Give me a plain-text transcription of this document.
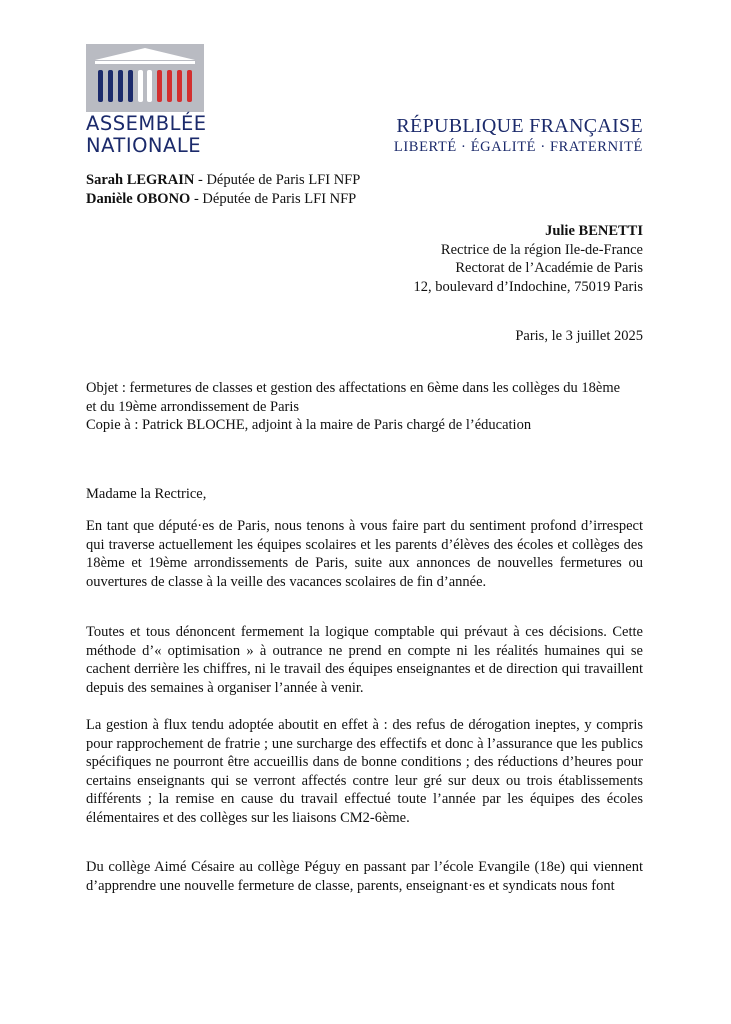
ASSEMBLÉE
NATIONALE
RÉPUBLIQUE FRANÇAISE
LIBERTÉ · ÉGALITÉ · FRATERNITÉ
Sarah LEGRAIN - Députée de Paris LFI NFP
Danièle OBONO - Députée de Paris LFI NFP
Julie BENETTI
Rectrice de la région Ile-de-France
Rectorat de l’Académie de Paris
12, boulevard d’Indochine, 75019 Paris
Paris, le 3 juillet 2025
Objet : fermetures de classes et gestion des affectations en 6ème dans les collèges du 18ème
et du 19ème arrondissement de Paris
Copie à : Patrick BLOCHE, adjoint à la maire de Paris chargé de l’éducation
Madame la Rectrice,
En tant que député·es de Paris, nous tenons à vous faire part du sentiment profond d’irrespect qui traverse actuellement les équipes scolaires et les parents d’élèves des écoles et collèges des 18ème et 19ème arrondissements de Paris, suite aux annonces de nouvelles fermetures ou ouvertures de classe à la veille des vacances scolaires de fin d’année.
Toutes et tous dénoncent fermement la logique comptable qui prévaut à ces décisions. Cette méthode d’« optimisation » à outrance ne prend en compte ni les réalités humaines qui se cachent derrière les chiffres, ni le travail des équipes enseignantes et de direction qui travaillent depuis des semaines à organiser l’année à venir.
La gestion à flux tendu adoptée aboutit en effet à : des refus de dérogation ineptes, y compris pour rapprochement de fratrie ; une surcharge des effectifs et donc à l’assurance que les publics spécifiques ne pourront être accueillis dans de bonne conditions ; des réductions d’heures pour certains enseignants qui se verront affectés contre leur gré sur deux ou trois établissements différents ; la remise en cause du travail effectué toute l’année par les équipes des écoles élémentaires et des collèges sur les liaisons CM2-6ème.
Du collège Aimé Césaire au collège Péguy en passant par l’école Evangile (18e) qui viennent d’apprendre une nouvelle fermeture de classe, parents, enseignant·es et syndicats nous font
